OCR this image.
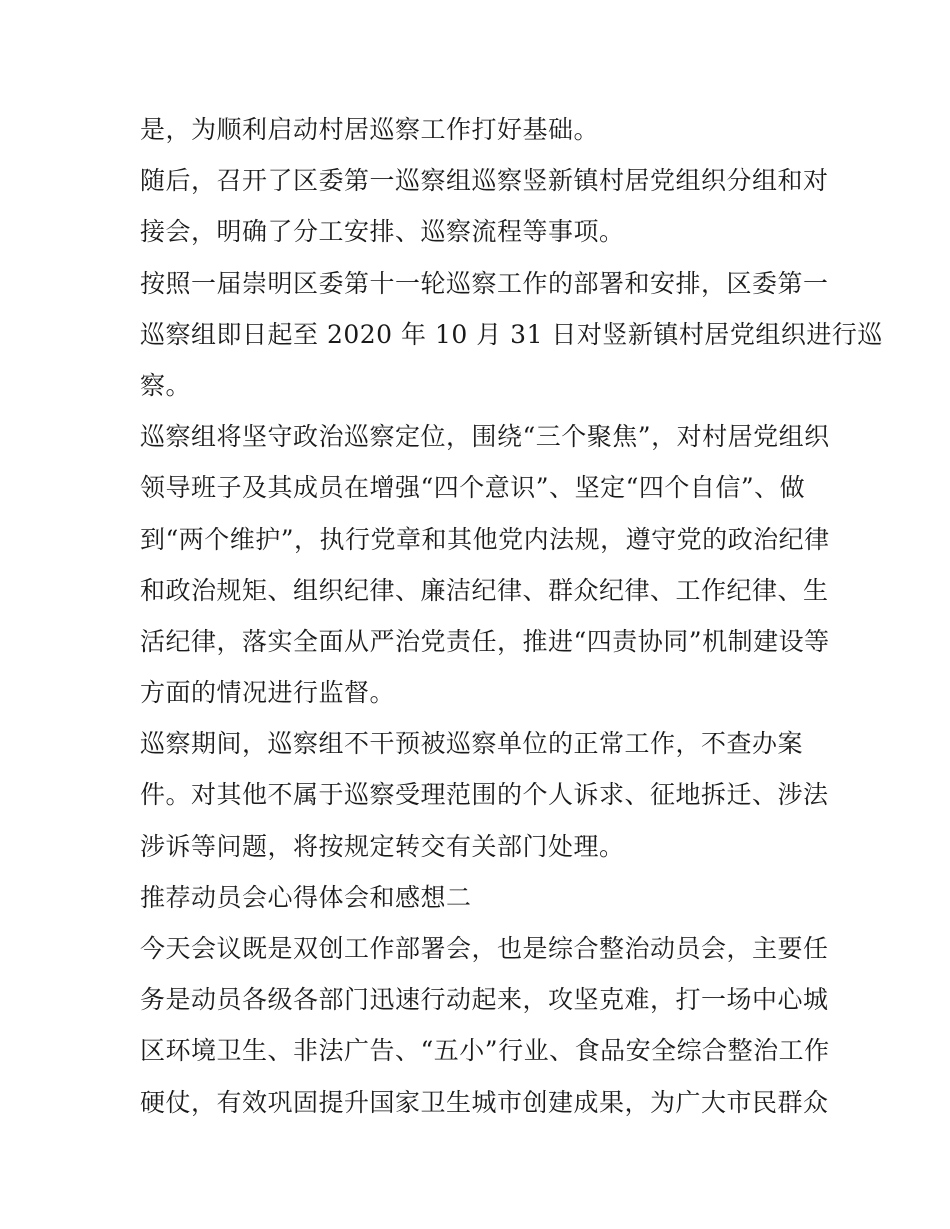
是，为顺利启动村居巡察工作打好基础。
随后，召开了区委第一巡察组巡察竖新镇村居党组织分组和对
接会，明确了分工安排、巡察流程等事项。
按照一届崇明区委第十一轮巡察工作的部署和安排，区委第一
巡察组即日起至 2020 年 10 月 31 日对竖新镇村居党组织进行巡
察。
巡察组将坚守政治巡察定位，围绕“三个聚焦”，对村居党组织
领导班子及其成员在增强“四个意识”、坚定“四个自信”、做
到“两个维护”，执行党章和其他党内法规，遵守党的政治纪律
和政治规矩、组织纪律、廉洁纪律、群众纪律、工作纪律、生
活纪律，落实全面从严治党责任，推进“四责协同”机制建设等
方面的情况进行监督。
巡察期间，巡察组不干预被巡察单位的正常工作，不查办案
件。对其他不属于巡察受理范围的个人诉求、征地拆迁、涉法
涉诉等问题，将按规定转交有关部门处理。
推荐动员会心得体会和感想二
今天会议既是双创工作部署会，也是综合整治动员会，主要任
务是动员各级各部门迅速行动起来，攻坚克难，打一场中心城
区环境卫生、非法广告、“五小”行业、食品安全综合整治工作
硬仗，有效巩固提升国家卫生城市创建成果，为广大市民群众
